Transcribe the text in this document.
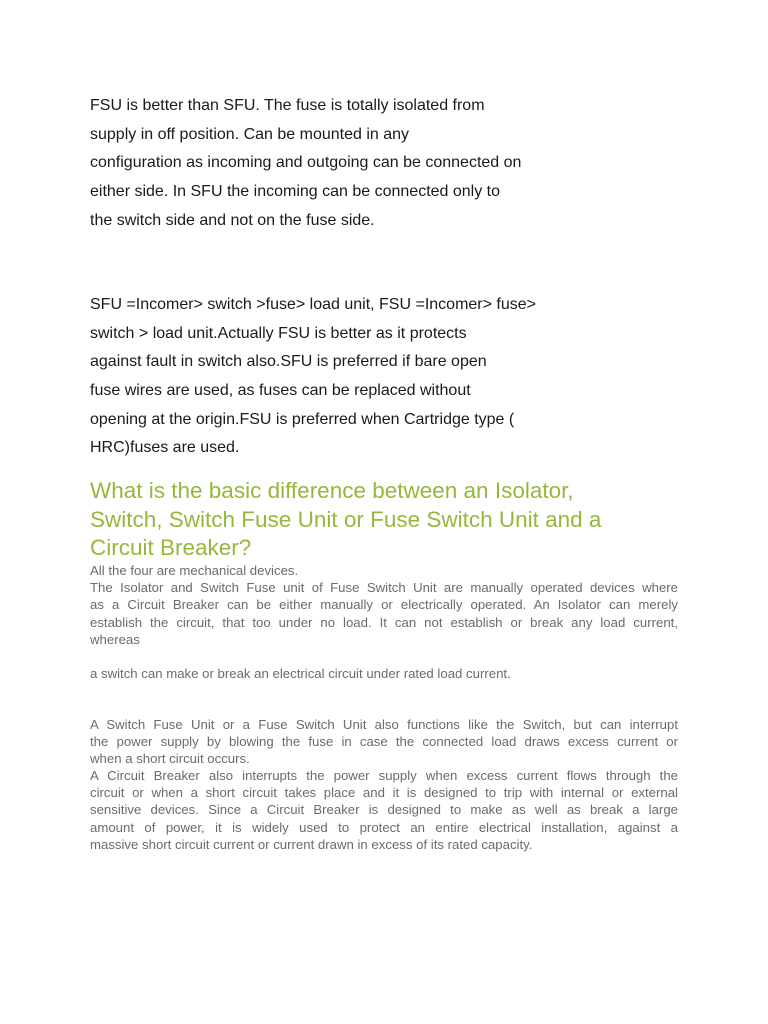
FSU is better than SFU. The fuse is totally isolated from
supply in off position. Can be mounted in any
configuration as incoming and outgoing can be connected on
either side. In SFU the incoming can be connected only to
the switch side and not on the fuse side.
SFU =Incomer> switch >fuse> load unit, FSU =Incomer> fuse>
switch > load unit.Actually FSU is better as it protects
against fault in switch also.SFU is preferred if bare open
fuse wires are used, as fuses can be replaced without
opening at the origin.FSU is preferred when Cartridge type (
HRC)fuses are used.
What is the basic difference between an Isolator,
Switch, Switch Fuse Unit or Fuse Switch Unit and a
Circuit Breaker?
All the four are mechanical devices.
The Isolator and Switch Fuse unit of Fuse Switch Unit are manually operated devices where
as a Circuit Breaker can be either manually or electrically operated. An Isolator can merely
establish the circuit, that too under no load. It can not establish or break any load current,
whereas
a switch can make or break an electrical circuit under rated load current.
A Switch Fuse Unit or a Fuse Switch Unit also functions like the Switch, but can interrupt
the power supply by blowing the fuse in case the connected load draws excess current or
when a short circuit occurs.
A Circuit Breaker also interrupts the power supply when excess current flows through the
circuit or when a short circuit takes place and it is designed to trip with internal or external
sensitive devices. Since a Circuit Breaker is designed to make as well as break a large
amount of power, it is widely used to protect an entire electrical installation, against a
massive short circuit current or current drawn in excess of its rated capacity.
